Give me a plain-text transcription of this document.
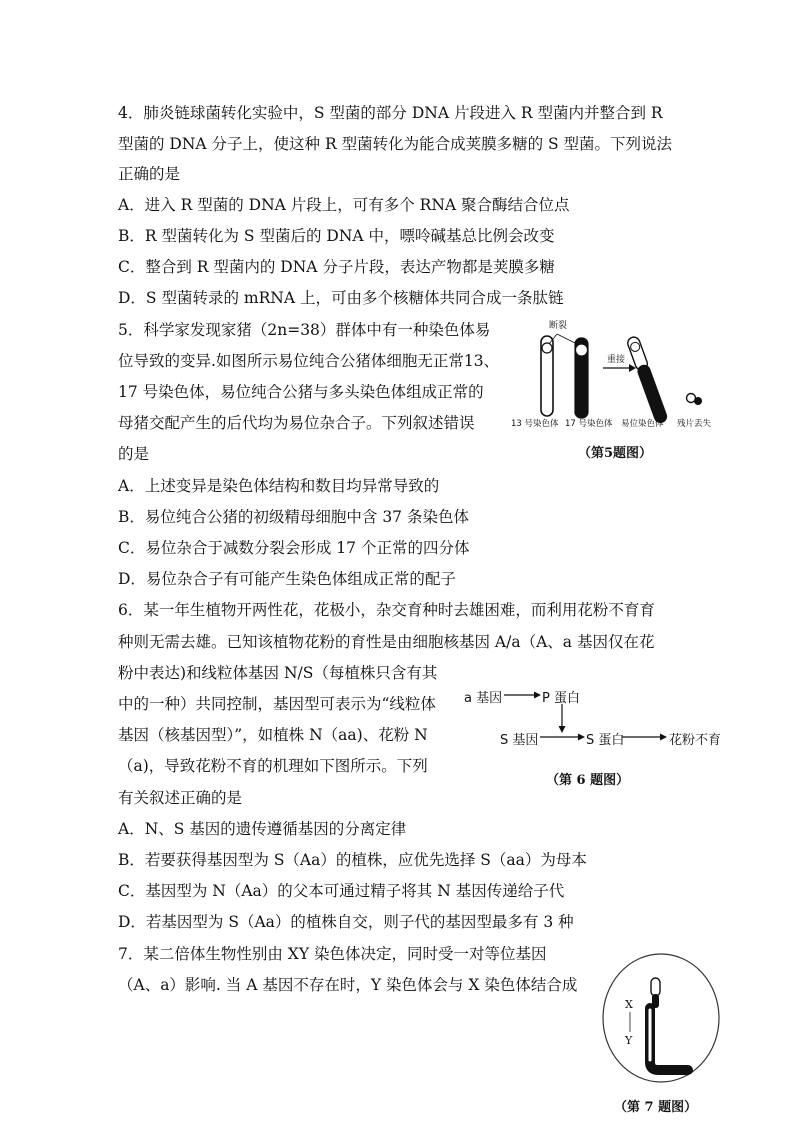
4．肺炎链球菌转化实验中，S 型菌的部分 DNA 片段进入 R 型菌内并整合到 R
型菌的 DNA 分子上，使这种 R 型菌转化为能合成荚膜多糖的 S 型菌。下列说法
正确的是
A．进入 R 型菌的 DNA 片段上，可有多个 RNA 聚合酶结合位点
B．R 型菌转化为 S 型菌后的 DNA 中，嘌呤碱基总比例会改变
C．整合到 R 型菌内的 DNA 分子片段，表达产物都是荚膜多糖
D．S 型菌转录的 mRNA 上，可由多个核糖体共同合成一条肽链
5．科学家发现家猪（2n=38）群体中有一种染色体易
位导致的变异.如图所示易位纯合公猪体细胞无正常13、
17 号染色体，易位纯合公猪与多头染色体组成正常的
母猪交配产生的后代均为易位杂合子。下列叙述错误
的是
A．上述变异是染色体结构和数目均异常导致的
B．易位纯合公猪的初级精母细胞中含 37 条染色体
C．易位杂合于减数分裂会形成 17 个正常的四分体
D．易位杂合子有可能产生染色体组成正常的配子
断裂
重接
13 号染色体 17 号染色体 易位染色体 残片丢失
（第5题图）
6．某一年生植物开两性花，花极小，杂交育种时去雄困难，而利用花粉不育育
种则无需去雄。已知该植物花粉的育性是由细胞核基因 A/a（A、a 基因仅在花
粉中表达)和线粒体基因 N/S（每植株只含有其
中的一种）共同控制，基因型可表示为“线粒体
基因（核基因型）”，如植株 N（aa)、花粉 N
（a)，导致花粉不育的机理如下图所示。下列
有关叙述正确的是
A．N、S 基因的遗传遵循基因的分离定律
B．若要获得基因型为 S（Aa）的植株，应优先选择 S（aa）为母本
C．基因型为 N（Aa）的父本可通过精子将其 N 基因传递给子代
D．若基因型为 S（Aa）的植株自交，则子代的基因型最多有 3 种
a 基因	P 蛋白
S 基因	S 蛋白	花粉不育
（第 6 题图）
7．某二倍体生物性别由 XY 染色体决定，同时受一对等位基因
（A、a）影响. 当 A 基因不存在时，Y 染色体会与 X 染色体结合成
X
Y
（第 7 题图）
